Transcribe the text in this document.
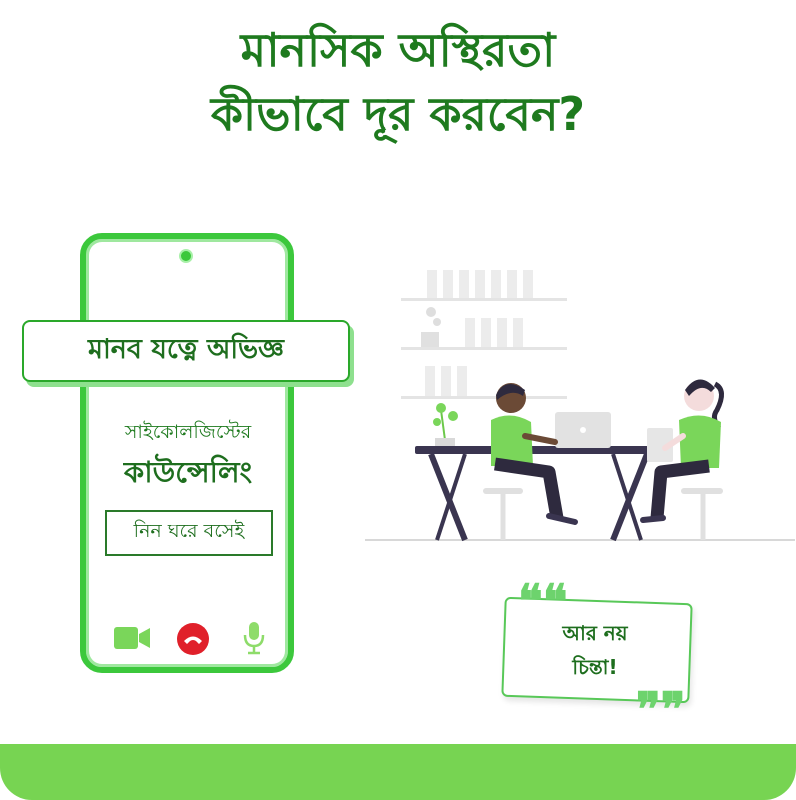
মানসিক অস্থিরতা
কীভাবে দূর করবেন?
মানব যত্নে অভিজ্ঞ
সাইকোলজিস্টের
কাউন্সেলিং
নিন ঘরে বসেই
❝❝
❞❞
আর নয়
চিন্তা!
